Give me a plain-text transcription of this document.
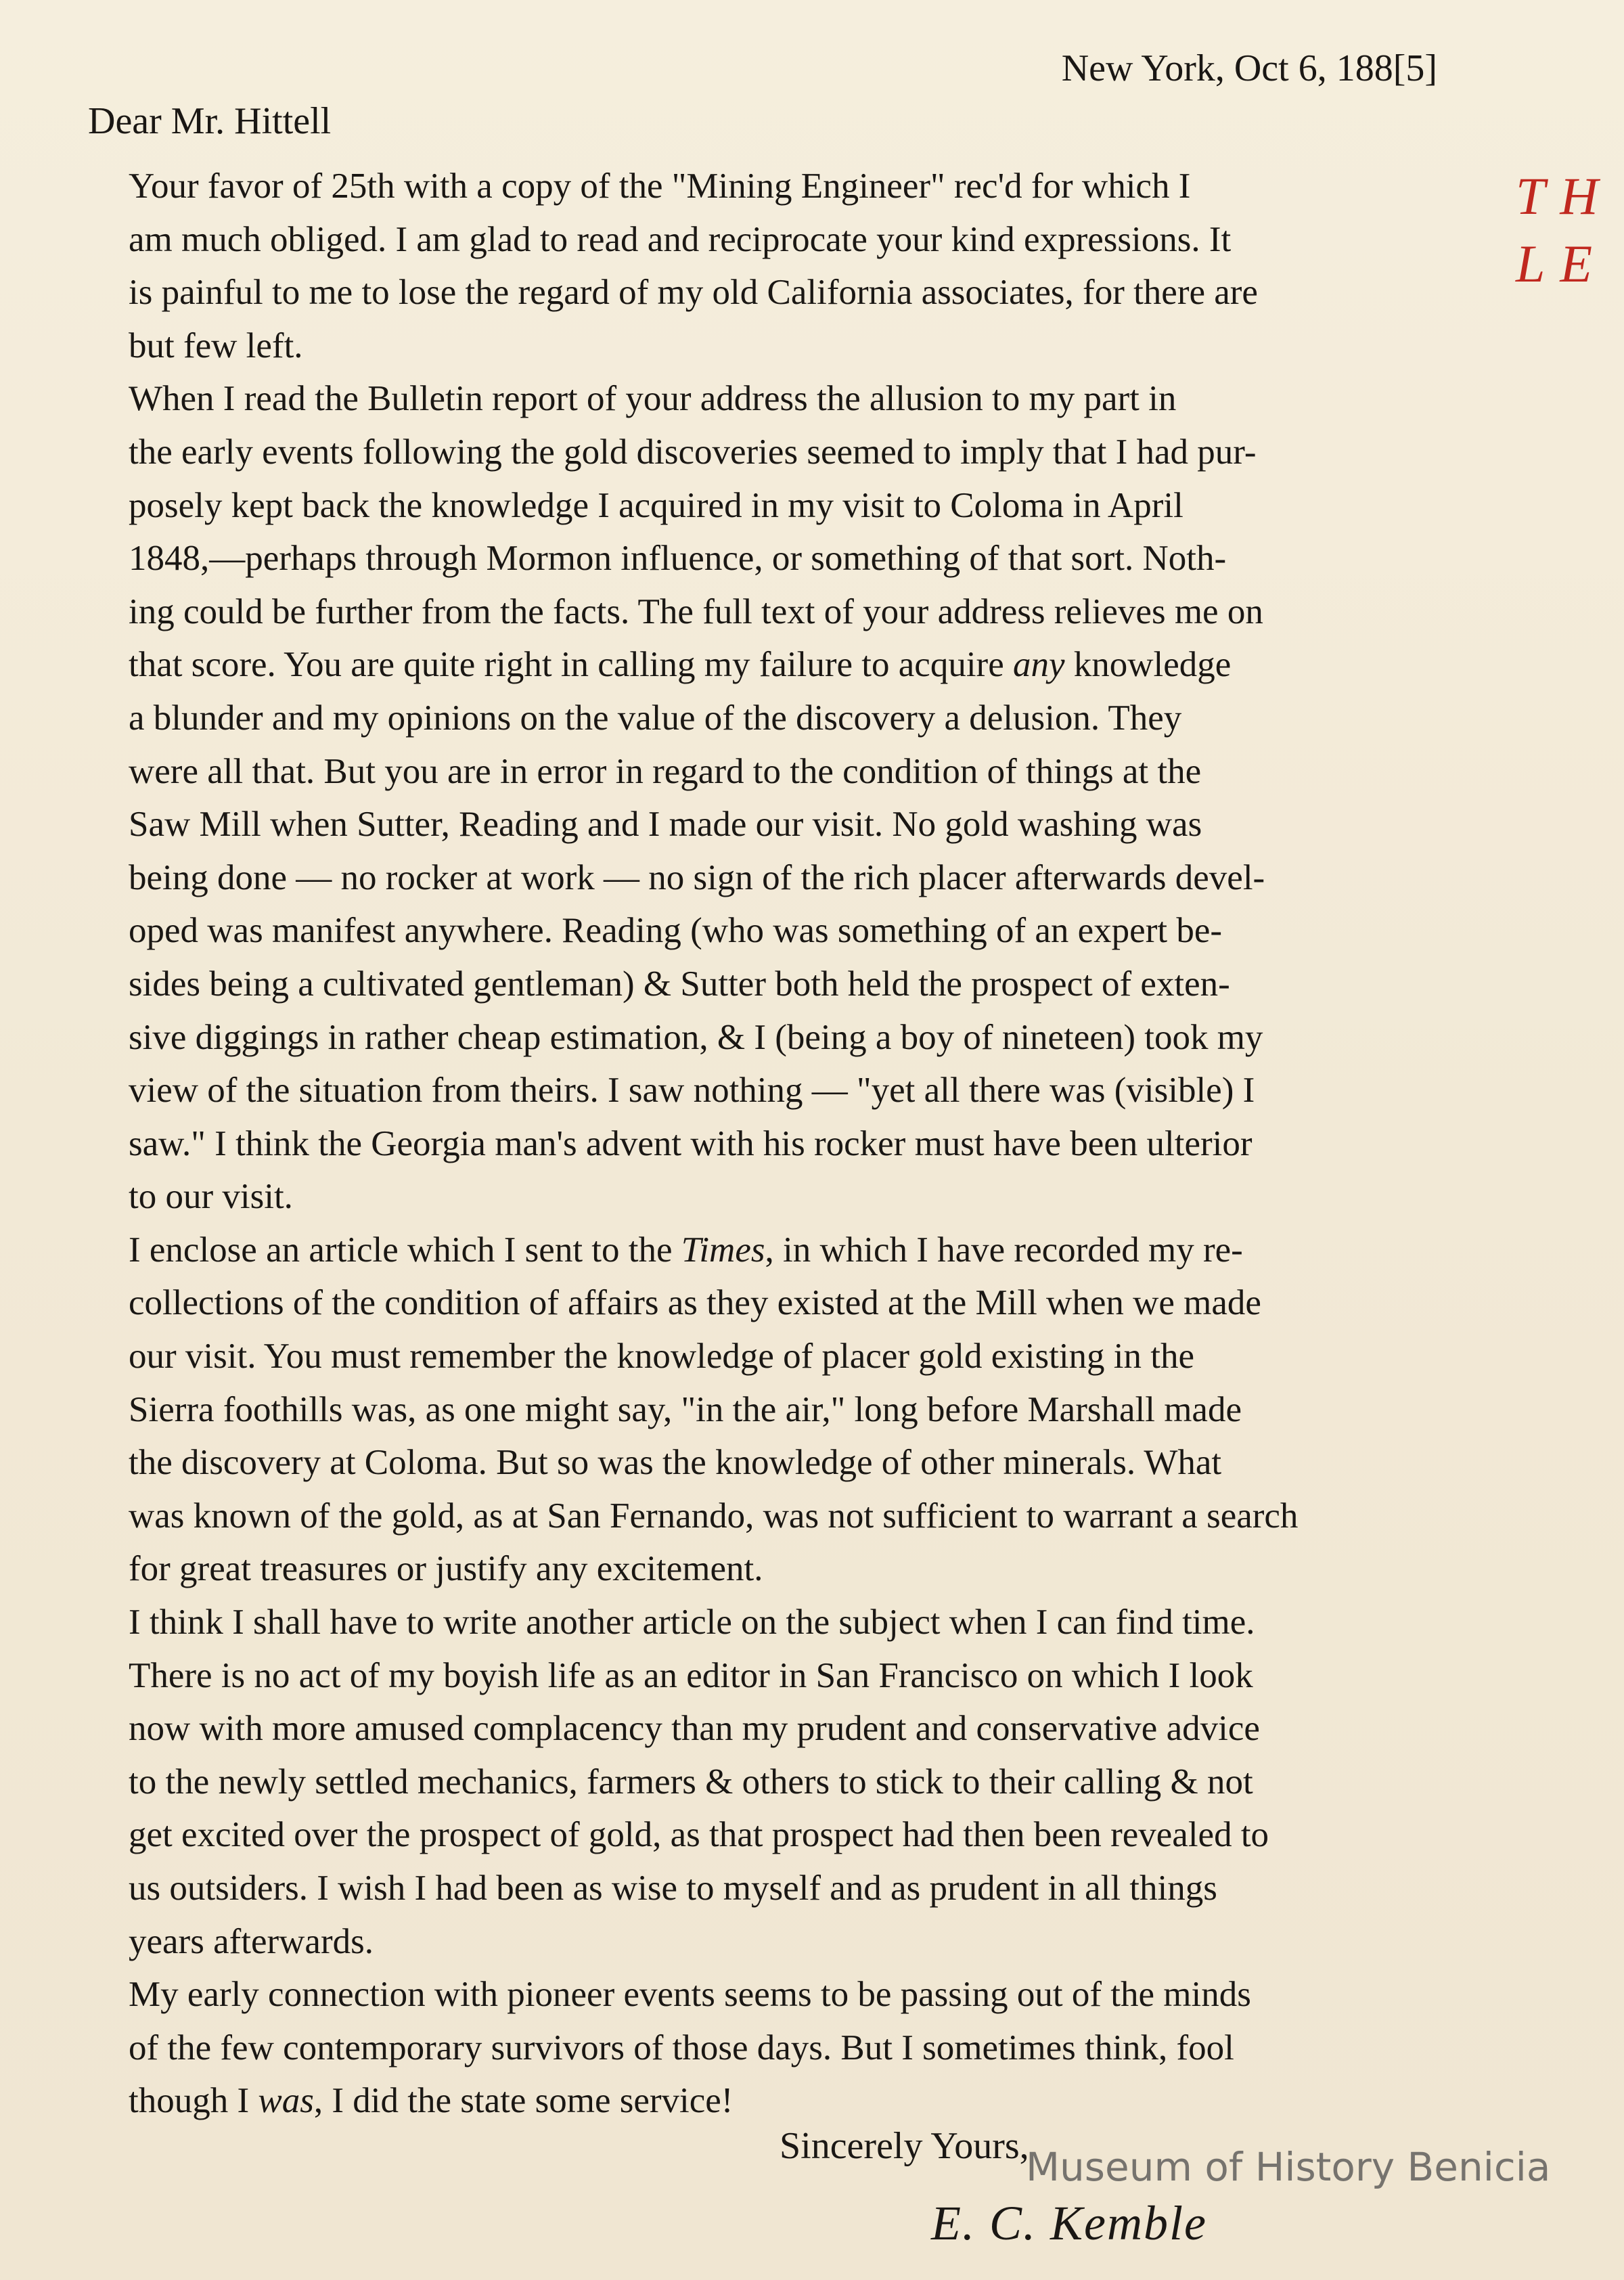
New York, Oct 6, 188[5]
Dear Mr. Hittell

Your favor of 25th with a copy of the "Mining Engineer" rec'd for which I
am much obliged. I am glad to read and reciprocate your kind expressions. It
is painful to me to lose the regard of my old California associates, for there are
but few left.

When I read the Bulletin report of your address the allusion to my part in
the early events following the gold discoveries seemed to imply that I had pur-
posely kept back the knowledge I acquired in my visit to Coloma in April
1848,—perhaps through Mormon influence, or something of that sort. Noth-
ing could be further from the facts. The full text of your address relieves me on
that score. You are quite right in calling my failure to acquire any knowledge
a blunder and my opinions on the value of the discovery a delusion. They
were all that. But you are in error in regard to the condition of things at the
Saw Mill when Sutter, Reading and I made our visit. No gold washing was
being done — no rocker at work — no sign of the rich placer afterwards devel-
oped was manifest anywhere. Reading (who was something of an expert be-
sides being a cultivated gentleman) & Sutter both held the prospect of exten-
sive diggings in rather cheap estimation, & I (being a boy of nineteen) took my
view of the situation from theirs. I saw nothing — "yet all there was (visible) I
saw." I think the Georgia man's advent with his rocker must have been ulterior
to our visit.

I enclose an article which I sent to the Times, in which I have recorded my re-
collections of the condition of affairs as they existed at the Mill when we made
our visit. You must remember the knowledge of placer gold existing in the
Sierra foothills was, as one might say, "in the air," long before Marshall made
the discovery at Coloma. But so was the knowledge of other minerals. What
was known of the gold, as at San Fernando, was not sufficient to warrant a search
for great treasures or justify any excitement.

I think I shall have to write another article on the subject when I can find time.
There is no act of my boyish life as an editor in San Francisco on which I look
now with more amused complacency than my prudent and conservative advice
to the newly settled mechanics, farmers & others to stick to their calling & not
get excited over the prospect of gold, as that prospect had then been revealed to
us outsiders. I wish I had been as wise to myself and as prudent in all things
years afterwards.

My early connection with pioneer events seems to be passing out of the minds
of the few contemporary survivors of those days. But I sometimes think, fool
though I was, I did the state some service!

Sincerely Yours,
E. C. Kemble
Museum of History Benicia
TH
LE
